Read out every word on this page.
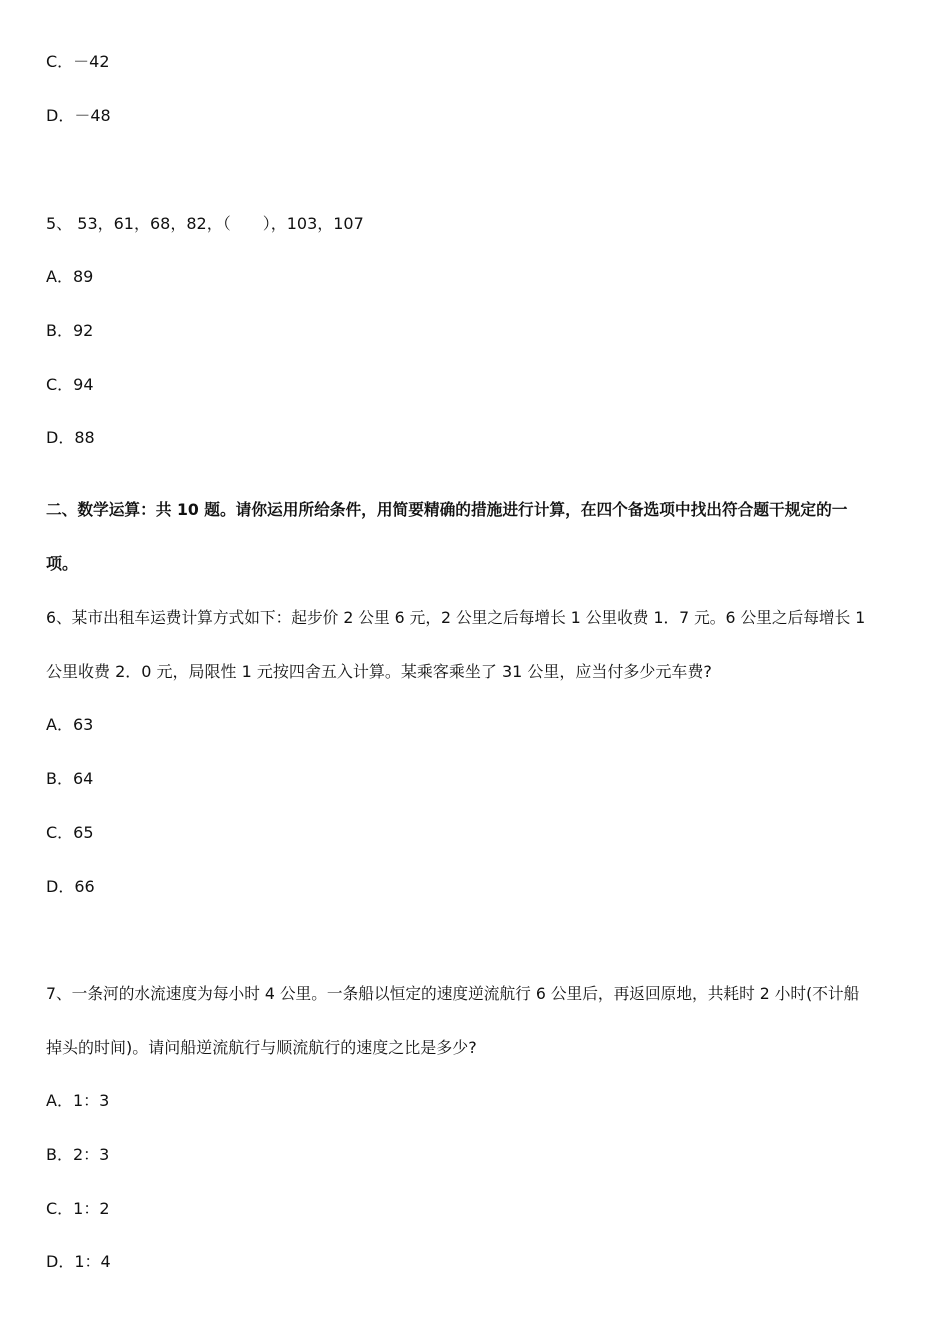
C．－42
D．－48
5、 53，61，68，82，（　　），103，107
A．89
B．92
C．94
D．88
二、数学运算：共 10 题。请你运用所给条件，用简要精确的措施进行计算，在四个备选项中找出符合题干规定的一
项。
6、某市出租车运费计算方式如下：起步价 2 公里 6 元，2 公里之后每增长 1 公里收费 1．7 元。6 公里之后每增长 1
公里收费 2．0 元，局限性 1 元按四舍五入计算。某乘客乘坐了 31 公里，应当付多少元车费?
A．63
B．64
C．65
D．66
7、一条河的水流速度为每小时 4 公里。一条船以恒定的速度逆流航行 6 公里后，再返回原地，共耗时 2 小时(不计船
掉头的时间)。请问船逆流航行与顺流航行的速度之比是多少?
A．1：3
B．2：3
C．1：2
D．1：4
